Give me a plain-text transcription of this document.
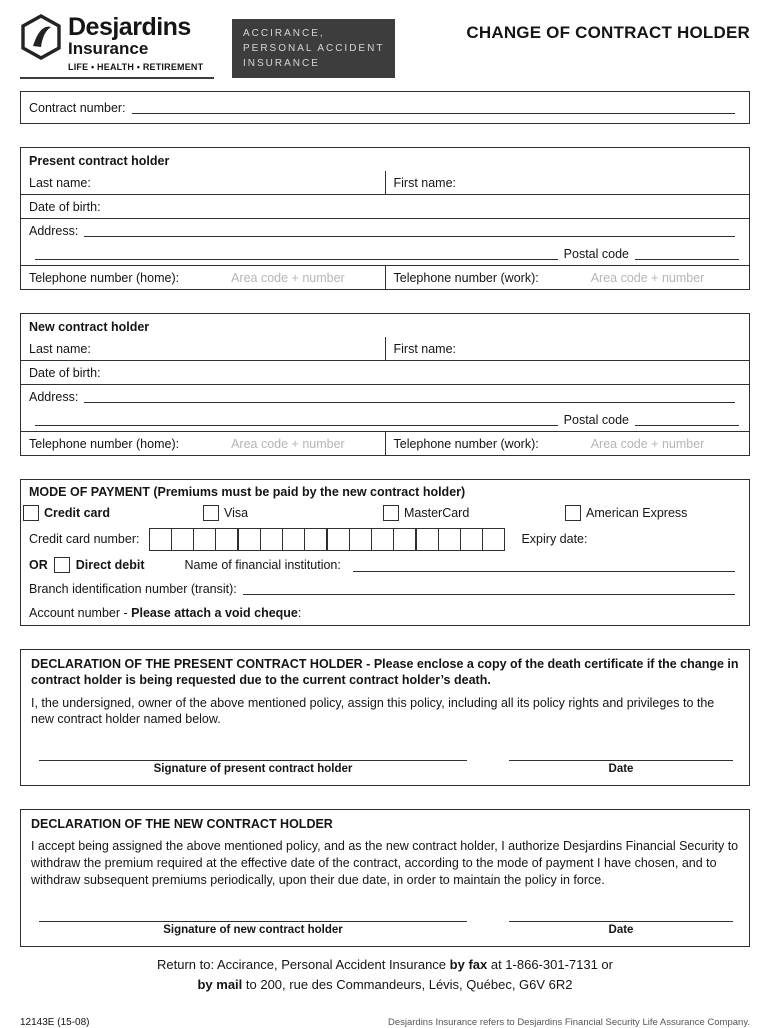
Desjardins
Insurance
LIFE • HEALTH • RETIREMENT
ACCIRANCE,
PERSONAL ACCIDENT
INSURANCE
CHANGE OF CONTRACT HOLDER
Contract number:
Present contract holder
Last name:	First name:
Date of birth:
Address:
Postal code
Telephone number (home):	Area code + number	Telephone number (work):	Area code + number
New contract holder
Last name:	First name:
Date of birth:
Address:
Postal code
Telephone number (home):	Area code + number	Telephone number (work):	Area code + number
MODE OF PAYMENT (Premiums must be paid by the new contract holder)
Credit card	Visa	MasterCard	American Express
Credit card number:	Expiry date:
OR Direct debit	Name of financial institution:
Branch identification number (transit):
Account number - Please attach a void cheque:
DECLARATION OF THE PRESENT CONTRACT HOLDER - Please enclose a copy of the death certificate if the change in contract holder is being requested due to the current contract holder’s death.
I, the undersigned, owner of the above mentioned policy, assign this policy, including all its policy rights and privileges to the new contract holder named below.
Signature of present contract holder	Date
DECLARATION OF THE NEW CONTRACT HOLDER
I accept being assigned the above mentioned policy, and as the new contract holder, I authorize Desjardins Financial Security to withdraw the premium required at the effective date of the contract, according to the mode of payment I have chosen, and to withdraw subsequent premiums periodically, upon their due date, in order to maintain the policy in force.
Signature of new contract holder	Date
Return to: Accirance, Personal Accident Insurance by fax at 1-866-301-7131 or
by mail to 200, rue des Commandeurs, Lévis, Québec, G6V 6R2
12143E (15-08)	Desjardins Insurance refers to Desjardins Financial Security Life Assurance Company.
